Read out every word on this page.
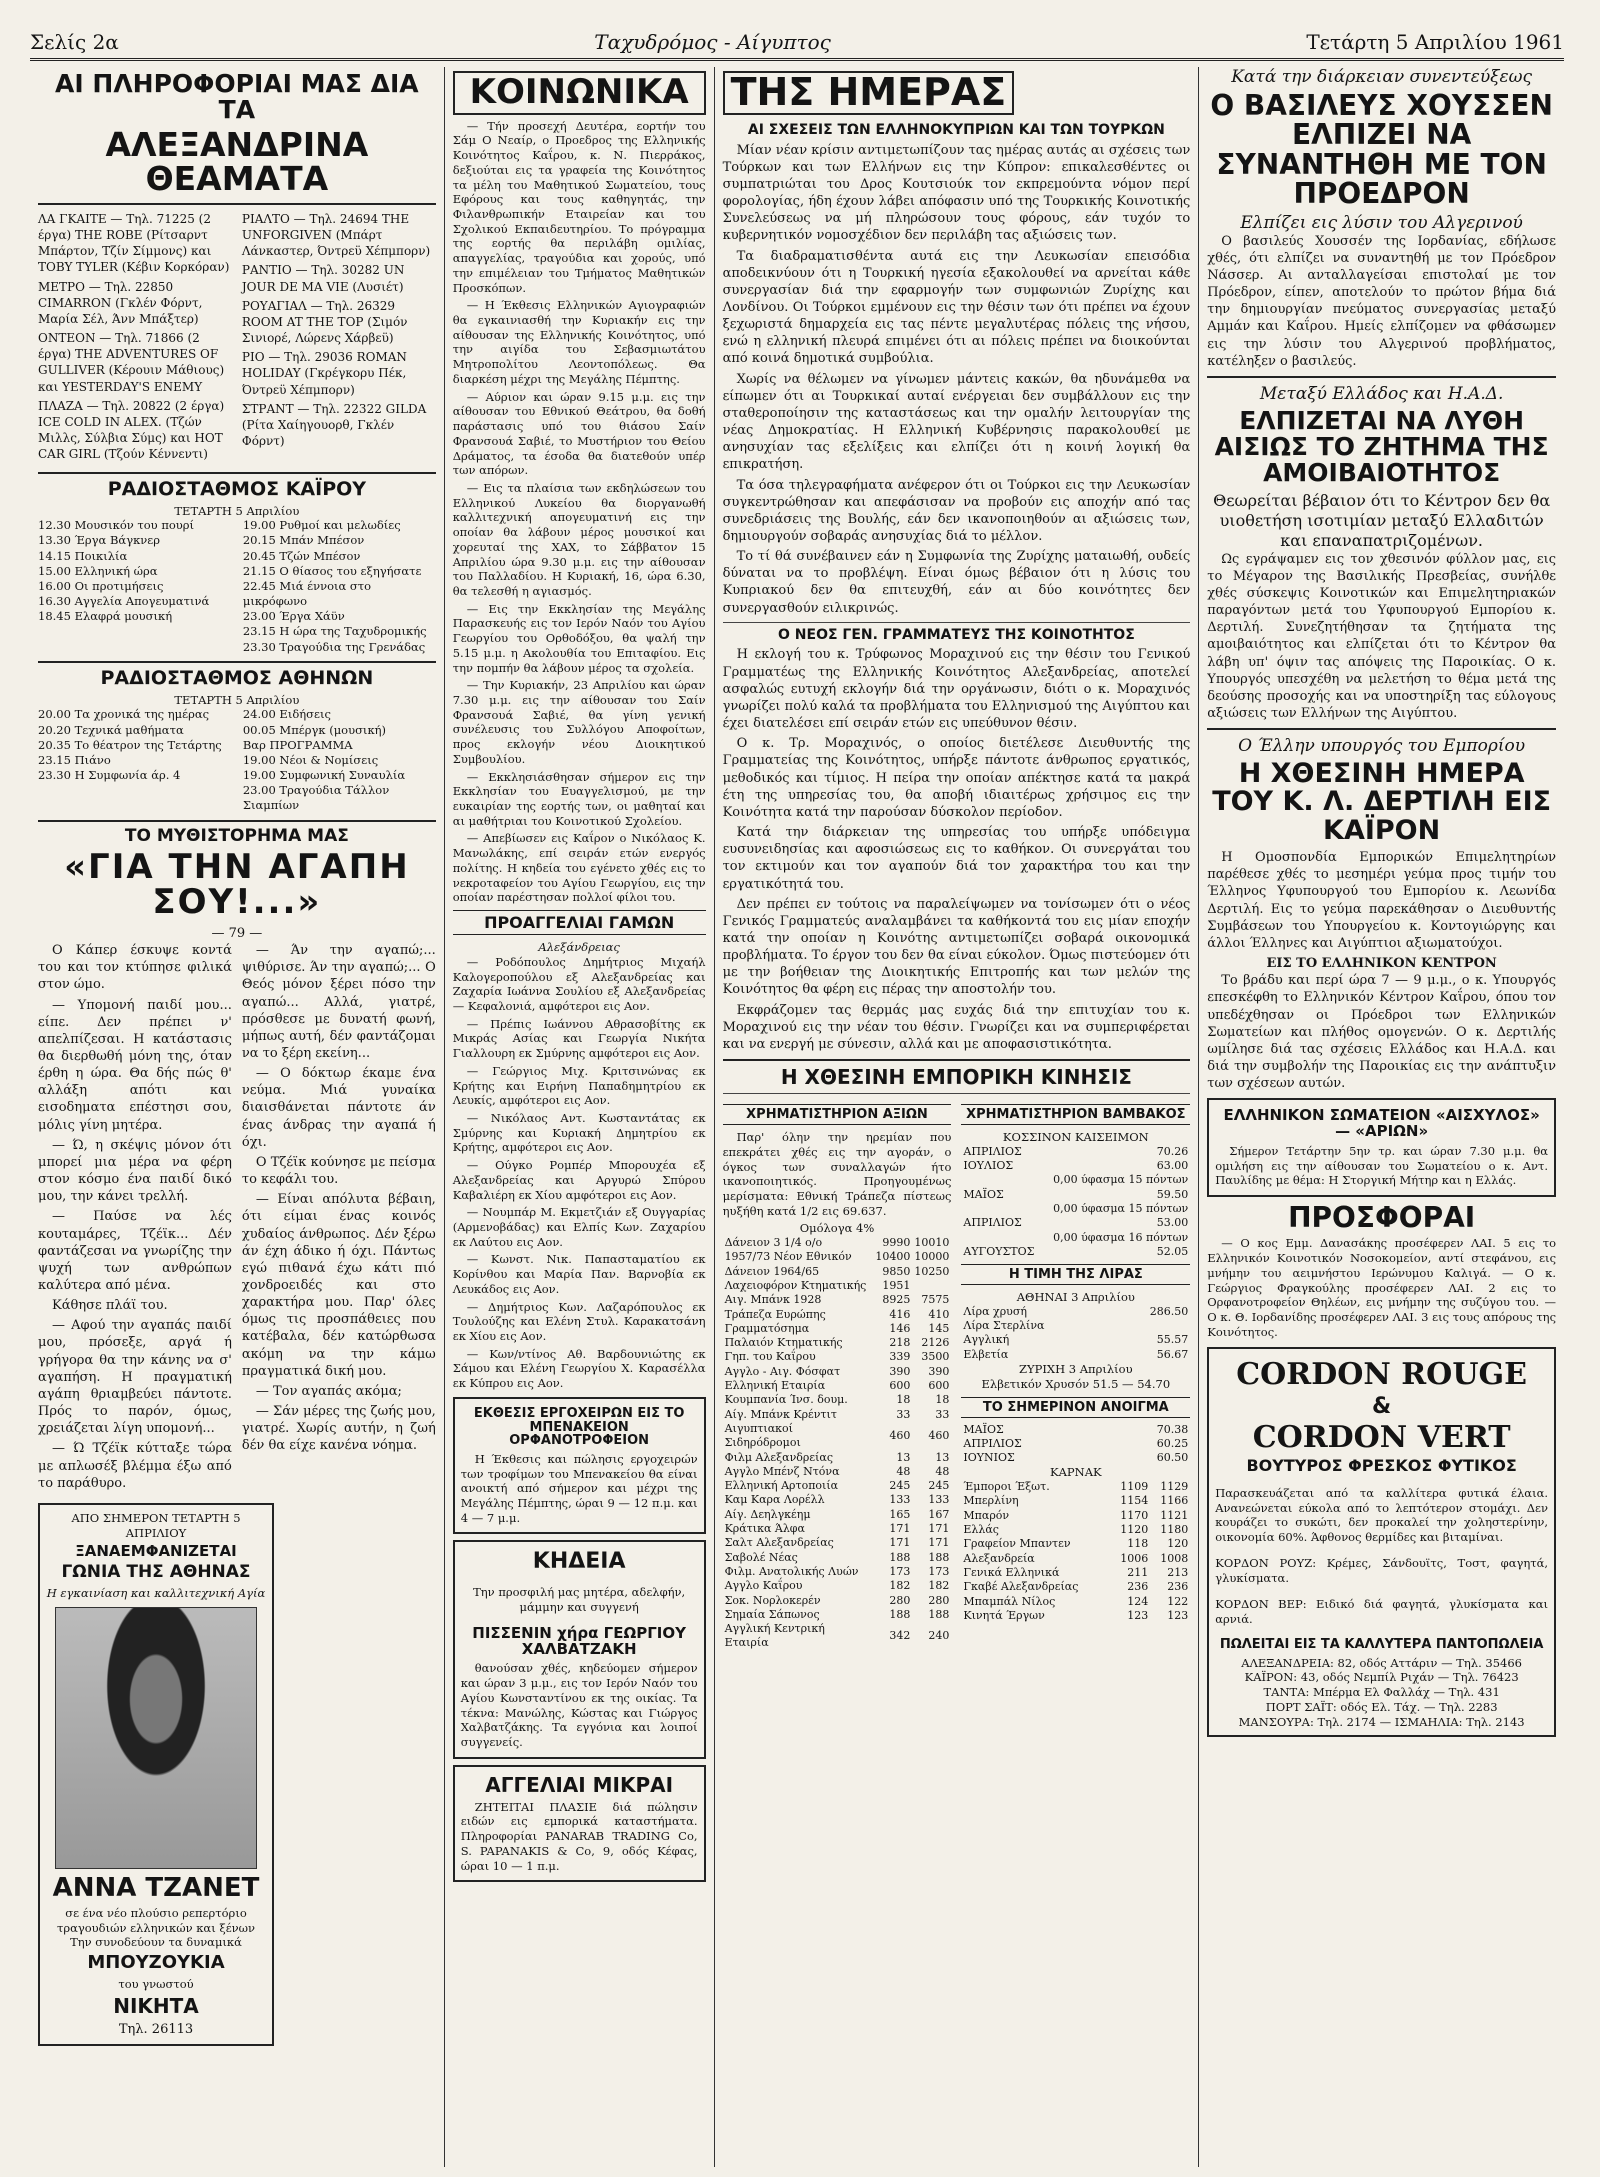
Σελίς 2α	Ταχυδρόμος - Αίγυπτος	Τετάρτη 5 Απριλίου 1961
ΑΙ ΠΛΗΡΟΦΟΡΙΑΙ ΜΑΣ ΔΙΑ ΤΑ
ΑΛΕΞΑΝΔΡΙΝΑ ΘΕΑΜΑΤΑ
ΛΑ ΓΚΑΙΤΕ — Τηλ. 71225 (2 έργα) THE ROBE (Ρίτσαρντ Μπάρτον, Τζίν Σίμμονς) και TOBY TYLER (Κέβιν Κορκόραν)
ΜΕΤΡΟ — Τηλ. 22850 CIMARRON (Γκλέν Φόρντ, Μαρία Σέλ, Άνν Μπάξτερ)
ΟΝΤΕΟΝ — Τηλ. 71866 (2 έργα) THE ADVENTURES OF GULLIVER (Κέρουιν Μάθιους) και YESTERDAY'S ENEMY
ΠΛΑΖΑ — Τηλ. 20822 (2 έργα) ICE COLD IN ALEX. (Τζών Μιλλς, Σύλβια Σύμς) και HOT CAR GIRL (Τζούν Κέννεντι)
ΡΙΑΛΤΟ — Τηλ. 24694 THE UNFORGIVEN (Μπάρτ Λάνκαστερ, Όντρεϋ Χέπμπορν)
ΡΑΝΤΙΟ — Τηλ. 30282 UN JOUR DE MA VIE (Λυσιέτ)
ΡΟΥΑΓΙΑΛ — Τηλ. 26329 ROOM AT THE TOP (Σιμόν Σινιορέ, Λώρενς Χάρβεϋ)
ΡΙΟ — Τηλ. 29036 ROMAN HOLIDAY (Γκρέγκορυ Πέκ, Όντρεϋ Χέπμπορν)
ΣΤΡΑΝΤ — Τηλ. 22322 GILDA (Ρίτα Χαίηγουορθ, Γκλέν Φόρντ)
ΡΑΔΙΟΣΤΑΘΜΟΣ ΚΑΪΡΟΥ
ΤΕΤΑΡΤΗ 5 Απριλίου
12.30 Μουσικόν του πουρί
13.30 Έργα Βάγκνερ
14.15 Ποικιλία
15.00 Ελληνική ώρα
16.00 Οι προτιμήσεις
16.30 Αγγελία Απογευματινά
18.45 Ελαφρά μουσική
19.00 Ρυθμοί και μελωδίες
20.15 Μπάν Μπέσον
20.45 Τζών Μπέσον
21.15 Ο θίασος του εξηγήσατε
22.45 Μιά έννοια στο μικρόφωνο
23.00 Έργα Χάϋν
23.15 Η ώρα της Ταχυδρομικής
23.30 Τραγούδια της Γρενάδας
ΡΑΔΙΟΣΤΑΘΜΟΣ ΑΘΗΝΩΝ
ΤΕΤΑΡΤΗ 5 Απριλίου
20.00 Τα χρονικά της ημέρας
20.20 Τεχνικά μαθήματα
20.35 Το θέατρον της Τετάρτης
23.15 Πιάνο
23.30 Η Συμφωνία άρ. 4
24.00 Ειδήσεις
00.05 Μπέργκ (μουσική)
Βαρ ΠΡΟΓΡΑΜΜΑ
19.00 Νέοι & Νομίσεις
19.00 Συμφωνική Συναυλία
23.00 Τραγούδια Τάλλον Σιαμπίων
ΤΟ ΜΥΘΙΣΤΟΡΗΜΑ ΜΑΣ
«ΓΙΑ ΤΗΝ ΑΓΑΠΗ ΣΟΥ!...»
— 79 —
Ο Κάπερ έσκυψε κοντά του και τον κτύπησε φιλικά στον ώμο.
— Υπομονή παιδί μου... είπε. Δεν πρέπει ν' απελπίζεσαι. Η κατάστασις θα διερθωθή μόνη της, όταν έρθη η ώρα. Θα δής πώς θ' αλλάξη απότι και εισοδηματα επέστησι σου, μόλις γίνη μητέρα.
— Ώ, η σκέψις μόνον ότι μπορεί μια μέρα να φέρη στον κόσμο ένα παιδί δικό μου, την κάνει τρελλή.
— Παύσε να λές κουταμάρες, Τζέϊκ... Δέν φαντάζεσαι να γνωρίζης την ψυχή των ανθρώπων καλύτερα από μένα.
Κάθησε πλάϊ του.
— Αφού την αγαπάς παιδί μου, πρόσεξε, αργά ή γρήγορα θα την κάνης να σ' αγαπήση. Η πραγματική αγάπη θριαμβεύει πάντοτε. Πρός το παρόν, όμως, χρειάζεται λίγη υπομονή...
— Ώ Τζέϊκ κύτταξε τώρα με απλωσέξ βλέμμα έξω από το παράθυρο.
— Άν την αγαπώ;... ψιθύρισε. Άν την αγαπώ;... Ο Θεός μόνον ξέρει πόσο την αγαπώ... Αλλά, γιατρέ, πρόσθεσε με δυνατή φωνή, μήπως αυτή, δέν φαντάζομαι να το ξέρη εκείνη...
— Ο δόκτωρ έκαμε ένα νεύμα. Μιά γυναίκα διαισθάνεται πάντοτε άν ένας άνδρας την αγαπά ή όχι.
Ο Τζέϊκ κούνησε με πείσμα το κεφάλι του.
— Είναι απόλυτα βέβαιη, ότι είμαι ένας κοινός χυδαίος άνθρωπος. Δέν ξέρω άν έχη άδικο ή όχι. Πάντως εγώ πιθανά έχω κάτι πιό χονδροειδές και στο χαρακτήρα μου. Παρ' όλες όμως τις προσπάθειες που κατέβαλα, δέν κατώρθωσα ακόμη να την κάμω πραγματικά δική μου.
— Τον αγαπάς ακόμα;
— Σάν μέρες της ζωής μου, γιατρέ. Χωρίς αυτήν, η ζωή δέν θα είχε κανένα νόημα.
ΑΠΟ ΣΗΜΕΡΟΝ ΤΕΤΑΡΤΗ 5 ΑΠΡΙΛΙΟΥ
ΞΑΝΑΕΜΦΑΝΙΖΕΤΑΙ
ΓΩΝΙΑ ΤΗΣ ΑΘΗΝΑΣ
Η εγκαινίαση και καλλιτεχνική Αγία
ΑΝΝΑ ΤΖΑΝΕΤ
σε ένα νέο πλούσιο ρεπερτόριο τραγουδιών ελληνικών και ξένων
Την συνοδεύουν τα δυναμικά
ΜΠΟΥΖΟΥΚΙΑ
του γνωστού
ΝΙΚΗΤΑ
Τηλ. 26113
ΚΟΙΝΩΝΙΚΑ

— Τήν προσεχή Δευτέρα, εορτήν του Σάμ Ο Νεαίρ, ο Προεδρος της Ελληνικής Κοινότητος Καΐρου, κ. Ν. Πιερράκος, δεξιούται εις τα γραφεία της Κοινότητος τα μέλη του Μαθητικού Σωματείου, τους Εφόρους και τους καθηγητάς, την Φιλανθρωπικήν Εταιρείαν και του Σχολικού Εκπαιδευτηρίου. Το πρόγραμμα της εορτής θα περιλάβη ομιλίας, απαγγελίας, τραγούδια και χορούς, υπό την επιμέλειαν του Τμήματος Μαθητικών Προσκόπων.

— Η Έκθεσις Ελληνικών Αγιογραφιών θα εγκαινιασθή την Κυριακήν εις την αίθουσαν της Ελληνικής Κοινότητος, υπό την αιγίδα του Σεβασμιωτάτου Μητροπολίτου Λεοντοπόλεως. Θα διαρκέση μέχρι της Μεγάλης Πέμπτης.

— Αύριον και ώραν 9.15 μ.μ. εις την αίθουσαν του Εθνικού Θεάτρου, θα δοθή παράστασις υπό του θιάσου Σαίν Φρανσουά Σαβιέ, το Μυστήριον του Θείου Δράματος, τα έσοδα θα διατεθούν υπέρ των απόρων.

— Εις τα πλαίσια των εκδηλώσεων του Ελληνικού Λυκείου θα διοργανωθή καλλιτεχνική απογευματινή εις την οποίαν θα λάβουν μέρος μουσικοί και χορευταί της ΧΑΧ, το Σάββατον 15 Απριλίου ώρα 9.30 μ.μ. εις την αίθουσαν του Παλλαδίου. Η Κυριακή, 16, ώρα 6.30, θα τελεσθή η αγιασμός.

— Εις την Εκκλησίαν της Μεγάλης Παρασκευής εις τον Ιερόν Ναόν του Αγίου Γεωργίου του Ορθοδόξου, θα ψαλή την 5.15 μ.μ. η Ακολουθία του Επιταφίου. Εις την πομπήν θα λάβουν μέρος τα σχολεία.

— Την Κυριακήν, 23 Απριλίου και ώραν 7.30 μ.μ. εις την αίθουσαν του Σαίν Φρανσουά Σαβιέ, θα γίνη γενική συνέλευσις του Συλλόγου Αποφοίτων, προς εκλογήν νέου Διοικητικού Συμβουλίου.

— Εκκλησιάσθησαν σήμερον εις την Εκκλησίαν του Ευαγγελισμού, με την ευκαιρίαν της εορτής των, οι μαθηταί και αι μαθήτριαι του Κοινοτικού Σχολείου.

— Απεβίωσεν εις Καΐρον ο Νικόλαος Κ. Μανωλάκης, επί σειράν ετών ενεργός πολίτης. Η κηδεία του εγένετο χθές εις το νεκροταφείον του Αγίου Γεωργίου, εις την οποίαν παρέστησαν πολλοί φίλοι του.

ΠΡΟΑΓΓΕΛΙΑΙ ΓΑΜΩΝ
Αλεξάνδρειας
— Ροδόπουλος Δημήτριος Μιχαήλ Καλογεροπούλου εξ Αλεξανδρείας και Ζαχαρία Ιωάννα Σουλίου εξ Αλεξανδρείας — Κεφαλονιά, αμφότεροι εις Αον.
— Πρέπις Ιωάννου Αθρασοβίτης εκ Μικράς Ασίας και Γεωργία Νικήτα Γιαλλουρη εκ Σμύρνης αμφότεροι εις Αον.
— Γεώργιος Μιχ. Κριτσινώνας εκ Κρήτης και Ειρήνη Παπαδημητρίου εκ Λευκίς, αμφότεροι εις Αον.
— Νικόλαος Αντ. Κωσταντάτας εκ Σμύρνης και Κυριακή Δημητρίου εκ Κρήτης, αμφότεροι εις Αον.
— Ούγκο Ρομπέρ Μπορουχέα εξ Αλεξανδρείας και Αργυρώ Σπύρου Καβαλιέρη εκ Χίου αμφότεροι εις Αον.
— Νουμπάρ Μ. Εκμετζιάν εξ Ουγγαρίας (Αρμενοβάδας) και Ελπίς Κων. Ζαχαρίου εκ Λαύτου εις Αον.
— Κωνστ. Νικ. Παπασταματίου εκ Κορίνθου και Μαρία Παν. Βαρνοβία εκ Λευκάδος εις Αον.
— Δημήτριος Κων. Λαζαρόπουλος εκ Τουλούζης και Ελένη Στυλ. Καρακατσάνη εκ Χίου εις Αον.
— Κων/ντίνος Αθ. Βαρδουνιώτης εκ Σάμου και Ελένη Γεωργίου Χ. Καρασέλλα εκ Κύπρου εις Αον.
ΕΚΘΕΣΙΣ ΕΡΓΟΧΕΙΡΩΝ ΕΙΣ ΤΟ ΜΠΕΝΑΚΕΙΟΝ ΟΡΦΑΝΟΤΡΟΦΕΙΟΝ

Η Έκθεσις και πώλησις εργοχειρών των τροφίμων του Μπενακείου θα είναι ανοικτή από σήμερον και μέχρι της Μεγάλης Πέμπτης, ώραι 9 — 12 π.μ. και 4 — 7 μ.μ.

ΚΗΔΕΙΑ

Την προσφιλή μας μητέρα, αδελφήν, μάμμην και συγγενή

ΠΙΣΣΕΝΙΝ χήρα ΓΕΩΡΓΙΟΥ ΧΑΛΒΑΤΖΑΚΗ

θανούσαν χθές, κηδεύομεν σήμερον και ώραν 3 μ.μ., εις τον Ιερόν Ναόν του Αγίου Κωνσταντίνου εκ της οικίας. Τα τέκνα: Μανώλης, Κώστας και Γιώργος Χαλβατζάκης. Τα εγγόνια και λοιποί συγγενείς.

ΑΓΓΕΛΙΑΙ ΜΙΚΡΑΙ

ΖΗΤΕΙΤΑΙ ΠΛΑΣΙΕ διά πώλησιν ειδών εις εμπορικά καταστήματα. Πληροφορίαι PANARAB TRADING Co, S. PAPANAKIS & Co, 9, οδός Κέφας, ώραι 10 — 1 π.μ.

ΤΗΣ ΗΜΕΡΑΣ
ΑΙ ΣΧΕΣΕΙΣ ΤΩΝ ΕΛΛΗΝΟΚΥΠΡΙΩΝ ΚΑΙ ΤΩΝ ΤΟΥΡΚΩΝ
Μίαν νέαν κρίσιν αντιμετωπίζουν τας ημέρας αυτάς αι σχέσεις των Τούρκων και των Ελλήνων εις την Κύπρον: επικαλεσθέντες οι συμπατριώται του Δρος Κουτσιούκ τον εκπρεμούντα νόμον περί φορολογίας, ήδη έχουν λάβει απόφασιν υπό της Τουρκικής Κοινοτικής Συνελεύσεως να μή πληρώσουν τους φόρους, εάν τυχόν το κυβερνητικόν νομοσχέδιον δεν περιλάβη τας αξιώσεις των.
Τα διαδραματισθέντα αυτά εις την Λευκωσίαν επεισόδια αποδεικνύουν ότι η Τουρκική ηγεσία εξακολουθεί να αρνείται κάθε συνεργασίαν διά την εφαρμογήν των συμφωνιών Ζυρίχης και Λονδίνου. Οι Τούρκοι εμμένουν εις την θέσιν των ότι πρέπει να έχουν ξεχωριστά δημαρχεία εις τας πέντε μεγαλυτέρας πόλεις της νήσου, ενώ η ελληνική πλευρά επιμένει ότι αι πόλεις πρέπει να διοικούνται από κοινά δημοτικά συμβούλια.
Χωρίς να θέλωμεν να γίνωμεν μάντεις κακών, θα ηδυνάμεθα να είπωμεν ότι αι Τουρκικαί αυταί ενέργειαι δεν συμβάλλουν εις την σταθεροποίησιν της καταστάσεως και την ομαλήν λειτουργίαν της νέας Δημοκρατίας. Η Ελληνική Κυβέρνησις παρακολουθεί με ανησυχίαν τας εξελίξεις και ελπίζει ότι η κοινή λογική θα επικρατήση.
Τα όσα τηλεγραφήματα ανέφερον ότι οι Τούρκοι εις την Λευκωσίαν συγκεντρώθησαν και απεφάσισαν να προβούν εις αποχήν από τας συνεδριάσεις της Βουλής, εάν δεν ικανοποιηθούν αι αξιώσεις των, δημιουργούν σοβαράς ανησυχίας διά το μέλλον.
Το τί θά συνέβαινεν εάν η Συμφωνία της Ζυρίχης ματαιωθή, ουδείς δύναται να το προβλέψη. Είναι όμως βέβαιον ότι η λύσις του Κυπριακού δεν θα επιτευχθή, εάν αι δύο κοινότητες δεν συνεργασθούν ειλικρινώς.
Ο ΝΕΟΣ ΓΕΝ. ΓΡΑΜΜΑΤΕΥΣ ΤΗΣ ΚΟΙΝΟΤΗΤΟΣ
Η εκλογή του κ. Τρύφωνος Μοραχινού εις την θέσιν του Γενικού Γραμματέως της Ελληνικής Κοινότητος Αλεξανδρείας, αποτελεί ασφαλώς ευτυχή εκλογήν διά την οργάνωσιν, διότι ο κ. Μοραχινός γνωρίζει πολύ καλά τα προβλήματα του Ελληνισμού της Αιγύπτου και έχει διατελέσει επί σειράν ετών εις υπεύθυνον θέσιν.
Ο κ. Τρ. Μοραχινός, ο οποίος διετέλεσε Διευθυντής της Γραμματείας της Κοινότητος, υπήρξε πάντοτε άνθρωπος εργατικός, μεθοδικός και τίμιος. Η πείρα την οποίαν απέκτησε κατά τα μακρά έτη της υπηρεσίας του, θα αποβή ιδιαιτέρως χρήσιμος εις την Κοινότητα κατά την παρούσαν δύσκολον περίοδον.
Κατά την διάρκειαν της υπηρεσίας του υπήρξε υπόδειγμα ευσυνειδησίας και αφοσιώσεως εις το καθήκον. Οι συνεργάται του τον εκτιμούν και τον αγαπούν διά τον χαρακτήρα του και την εργατικότητά του.
Δεν πρέπει εν τούτοις να παραλείψωμεν να τονίσωμεν ότι ο νέος Γενικός Γραμματεύς αναλαμβάνει τα καθήκοντά του εις μίαν εποχήν κατά την οποίαν η Κοινότης αντιμετωπίζει σοβαρά οικονομικά προβλήματα. Το έργον του δεν θα είναι εύκολον. Όμως πιστεύομεν ότι με την βοήθειαν της Διοικητικής Επιτροπής και των μελών της Κοινότητος θα φέρη εις πέρας την αποστολήν του.
Εκφράζομεν τας θερμάς μας ευχάς διά την επιτυχίαν του κ. Μοραχινού εις την νέαν του θέσιν. Γνωρίζει και να συμπεριφέρεται και να ενεργή με σύνεσιν, αλλά και με αποφασιστικότητα.
Η ΧΘΕΣΙΝΗ ΕΜΠΟΡΙΚΗ ΚΙΝΗΣΙΣ
ΧΡΗΜΑΤΙΣΤΗΡΙΟΝ ΑΞΙΩΝ

Παρ' όλην την ηρεμίαν που επεκράτει χθές εις την αγοράν, ο όγκος των συναλλαγών ήτο ικανοποιητικός. Προηγουμένως μερίσματα: Εθνική Τράπεζα πίστεως ηυξήθη κατά 1/2 εις 69.637.

Ομόλογα 4%
Δάνειον 3 1/4 ο/ο	9990	10010
1957/73 Νέον Εθνικόν	10400	10000
Δάνειον 1964/65	9850	10250
Λαχειοφόρον Κτηματικής	1951	
Αιγ. Μπάνκ 1928	8925	7575
Τράπεζα Ευρώπης	416	410
Γραμματόσημα	146	145
Παλαιόν Κτηματικής	218	2126
Γηπ. του Καΐρου	339	3500
Αγγλο - Αιγ. Φόσφατ	390	390
Ελληνική Εταιρία	600	600
Κουμπανία Ίνσ. δουμ.	18	18
Αίγ. Μπάνκ Κρέντιτ	33	33
Αιγυπτιακοί Σιδηρόδρομοι	460	460
Φιλμ Αλεξανδρείας	13	13
Αγγλο Μπένζ Ντόνα	48	48
Ελληνική Αρτοποιία	245	245
Καμ Καρα Λορέλλ	133	133
Αίγ. Δεηλγκέημ	165	167
Κράτικα Άλφα	171	171
Σαλτ Αλεξανδρείας	171	171
Σαβολέ Νέας	188	188
Φιλμ. Ανατολικής Λυών	173	173
Αγγλο Καΐρου	182	182
Σοκ. Νορλοκερέν	280	280
Σημαία Σάπωνος	188	188
Αγγλική Κεντρική Εταιρία	342	240
ΧΡΗΜΑΤΙΣΤΗΡΙΟΝ ΒΑΜΒΑΚΟΣ
ΚΟΣΣΙΝΟΝ ΚΑΙΣΕΙΜΟΝ
ΑΠΡΙΛΙΟΣ	70.26
ΙΟΥΛΙΟΣ	63.00
	0,00 ύφασμα 15 πόντων
ΜΑΪΟΣ	59.50
	0,00 ύφασμα 15 πόντων
ΑΠΡΙΛΙΟΣ	53.00
	0,00 ύφασμα 16 πόντων
ΑΥΓΟΥΣΤΟΣ	52.05
Η ΤΙΜΗ ΤΗΣ ΛΙΡΑΣ
ΑΘΗΝΑΙ 3 Απριλίου
Λίρα χρυσή	286.50
Λίρα Στερλίνα	
Αγγλική	55.57
Ελβετία	56.67
ΖΥΡΙΧΗ 3 Απριλίου
Ελβετικόν Χρυσόν 51.5 — 54.70
ΤΟ ΣΗΜΕΡΙΝΟΝ ΑΝΟΙΓΜΑ
ΜΑΪΟΣ	70.38
ΑΠΡΙΛΙΟΣ	60.25
ΙΟΥΝΙΟΣ	60.50
ΚΑΡΝΑΚ
Έμποροι Έξωτ.	1109	1129
Μπερλίνη	1154	1166
Μπαρόν	1170	1121
Ελλάς	1120	1180
Γραφείον Μπαντεν	118	120
Αλεξανδρεία	1006	1008
Γενικά Ελληνικά	211	213
Γκαβέ Αλεξανδρείας	236	236
Μπαμπάλ Νίλος	124	122
Κινητά Έργων	123	123
Κατά την διάρκειαν συνεντεύξεως
Ο ΒΑΣΙΛΕΥΣ ΧΟΥΣΣΕΝ ΕΛΠΙΖΕΙ ΝΑ ΣΥΝΑΝΤΗΘΗ ΜΕ ΤΟΝ ΠΡΟΕΔΡΟΝ
Ελπίζει εις λύσιν του Αλγερινού

Ο βασιλεύς Χουσσέν της Ιορδανίας, εδήλωσε χθές, ότι ελπίζει να συναντηθή με τον Πρόεδρον Νάσσερ. Αι ανταλλαγείσαι επιστολαί με τον Πρόεδρον, είπεν, αποτελούν το πρώτον βήμα διά την δημιουργίαν πνεύματος συνεργασίας μεταξύ Αμμάν και Καΐρου. Ημείς ελπίζομεν να φθάσωμεν εις την λύσιν του Αλγερινού προβλήματος, κατέληξεν ο βασιλεύς.

Μεταξύ Ελλάδος και Η.Α.Δ.
ΕΛΠΙΖΕΤΑΙ ΝΑ ΛΥΘΗ ΑΙΣΙΩΣ ΤΟ ΖΗΤΗΜΑ ΤΗΣ ΑΜΟΙΒΑΙΟΤΗΤΟΣ
Θεωρείται βέβαιον ότι το Κέντρον δεν θα υιοθετήση ισοτιμίαν μεταξύ Ελλαδιτών και επαναπατριζομένων.

Ως εγράψαμεν εις τον χθεσινόν φύλλον μας, εις το Μέγαρον της Βασιλικής Πρεσβείας, συνήλθε χθές σύσκεψις Κοινοτικών και Επιμελητηριακών παραγόντων μετά του Υφυπουργού Εμπορίου κ. Δερτιλή. Συνεζητήθησαν τα ζητήματα της αμοιβαιότητος και ελπίζεται ότι το Κέντρον θα λάβη υπ' όψιν τας απόψεις της Παροικίας. Ο κ. Υπουργός υπεσχέθη να μελετήση το θέμα μετά της δεούσης προσοχής και να υποστηρίξη τας εύλογους αξιώσεις των Ελλήνων της Αιγύπτου.

Ο Έλλην υπουργός του Εμπορίου
Η ΧΘΕΣΙΝΗ ΗΜΕΡΑ ΤΟΥ Κ. Λ. ΔΕΡΤΙΛΗ ΕΙΣ ΚΑΪΡΟΝ

Η Ομοσπονδία Εμπορικών Επιμελητηρίων παρέθεσε χθές το μεσημέρι γεύμα προς τιμήν του Έλληνος Υφυπουργού του Εμπορίου κ. Λεωνίδα Δερτιλή. Εις το γεύμα παρεκάθησαν ο Διευθυντής Συμβάσεων του Υπουργείου κ. Κοντογιώργης και άλλοι Έλληνες και Αιγύπτιοι αξιωματούχοι.

ΕΙΣ ΤΟ ΕΛΛΗΝΙΚΟΝ ΚΕΝΤΡΟΝ

Το βράδυ και περί ώρα 7 — 9 μ.μ., ο κ. Υπουργός επεσκέφθη το Ελληνικόν Κέντρον Καΐρου, όπου τον υπεδέχθησαν οι Πρόεδροι των Ελληνικών Σωματείων και πλήθος ομογενών. Ο κ. Δερτιλής ωμίλησε διά τας σχέσεις Ελλάδος και Η.Α.Δ. και διά την συμβολήν της Παροικίας εις την ανάπτυξιν των σχέσεων αυτών.

ΕΛΛΗΝΙΚΟΝ ΣΩΜΑΤΕΙΟΝ «ΑΙΣΧΥΛΟΣ» — «ΑΡΙΩΝ»

Σήμερον Τετάρτην 5ην τρ. και ώραν 7.30 μ.μ. θα ομιλήση εις την αίθουσαν του Σωματείου ο κ. Αντ. Παυλίδης με θέμα: Η Στοργική Μήτηρ και η Ελλάς.

ΠΡΟΣΦΟΡΑΙ

— Ο κος Εμμ. Δανασάκης προσέφερεν ΛΑΙ. 5 εις το Ελληνικόν Κοινοτικόν Νοσοκομείον, αντί στεφάνου, εις μνήμην του αειμνήστου Ιερώνυμου Καλιγά. — Ο κ. Γεώργιος Φραγκούλης προσέφερεν ΛΑΙ. 2 εις το Ορφανοτροφείον Θηλέων, εις μνήμην της συζύγου του. — Ο κ. Θ. Ιορδανίδης προσέφερεν ΛΑΙ. 3 εις τους απόρους της Κοινότητος.

CORDON ROUGE
&
CORDON VERT
ΒΟΥΤΥΡΟΣ ΦΡΕΣΚΟΣ ΦΥΤΙΚΟΣ

Παρασκευάζεται από τα καλλίτερα φυτικά έλαια. Ανανεώνεται εύκολα από το λεπτότερον στομάχι. Δεν κουράζει το συκώτι, δεν προκαλεί την χοληστερίνην, οικονομία 60%. Άφθονος θερμίδες και βιταμίναι.

ΚΟΡΔΟΝ ΡΟΥΖ: Κρέμες, Σάνδουϊτς, Τοστ, φαγητά, γλυκίσματα.

ΚΟΡΔΟΝ ΒΕΡ: Ειδικό διά φαγητά, γλυκίσματα και αρνιά.

ΠΩΛΕΙΤΑΙ ΕΙΣ ΤΑ ΚΑΛΛΥΤΕΡΑ ΠΑΝΤΟΠΩΛΕΙΑ
ΑΛΕΞΑΝΔΡΕΙΑ: 82, οδός Αττάριν — Τηλ. 35466
ΚΑΪΡΟΝ: 43, οδός Νεμπίλ Ριχάν — Τηλ. 76423
ΤΑΝΤΑ: Μπέρμα Ελ Φαλλάχ — Τηλ. 431
ΠΟΡΤ ΣΑΪΤ: οδός Ελ. Τάχ. — Τηλ. 2283
ΜΑΝΣΟΥΡΑ: Τηλ. 2174 — ΙΣΜΑΗΛΙΑ: Τηλ. 2143
